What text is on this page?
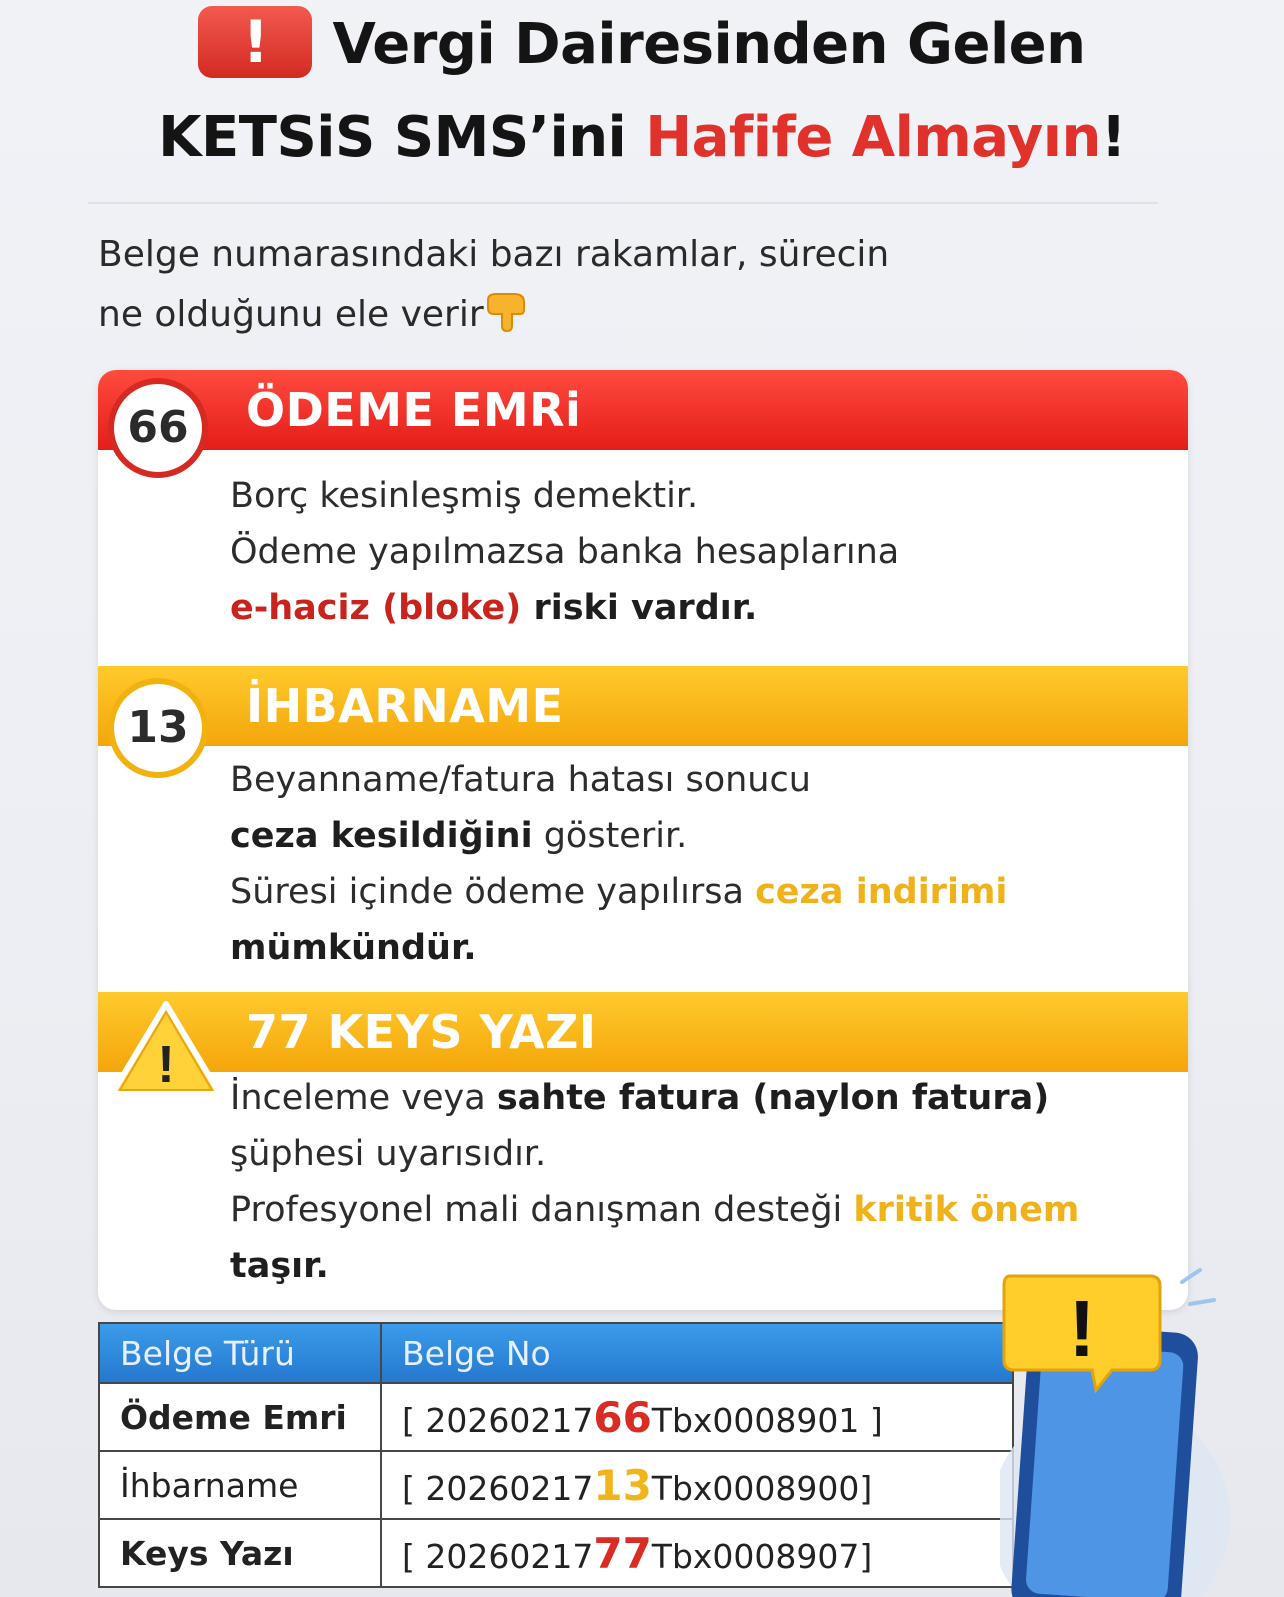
! Vergi Dairesinden Gelen
KETSiS SMS’ini Hafife Almayın!
Belge numarasındaki bazı rakamlar, sürecin
ne olduğunu ele verir
ÖDEME EMRi
66
Borç kesinleşmiş demektir.
Ödeme yapılmazsa banka hesaplarına
e-haciz (bloke) riski vardır.
İHBARNAME
13
Beyanname/fatura hatası sonucu
ceza kesildiğini gösterir.
Süresi içinde ödeme yapılırsa ceza indirimi
mümkündür.
77 KEYS YAZI
!
İnceleme veya sahte fatura (naylon fatura)
şüphesi uyarısıdır.
Profesyonel mali danışman desteği kritik önem
taşır.
Belge Türü	Belge No
Ödeme Emri	[ 2026021766Tbx0008901 ]
İhbarname	[ 2026021713Tbx0008900]
Keys Yazı	[ 2026021777Tbx0008907]
!
